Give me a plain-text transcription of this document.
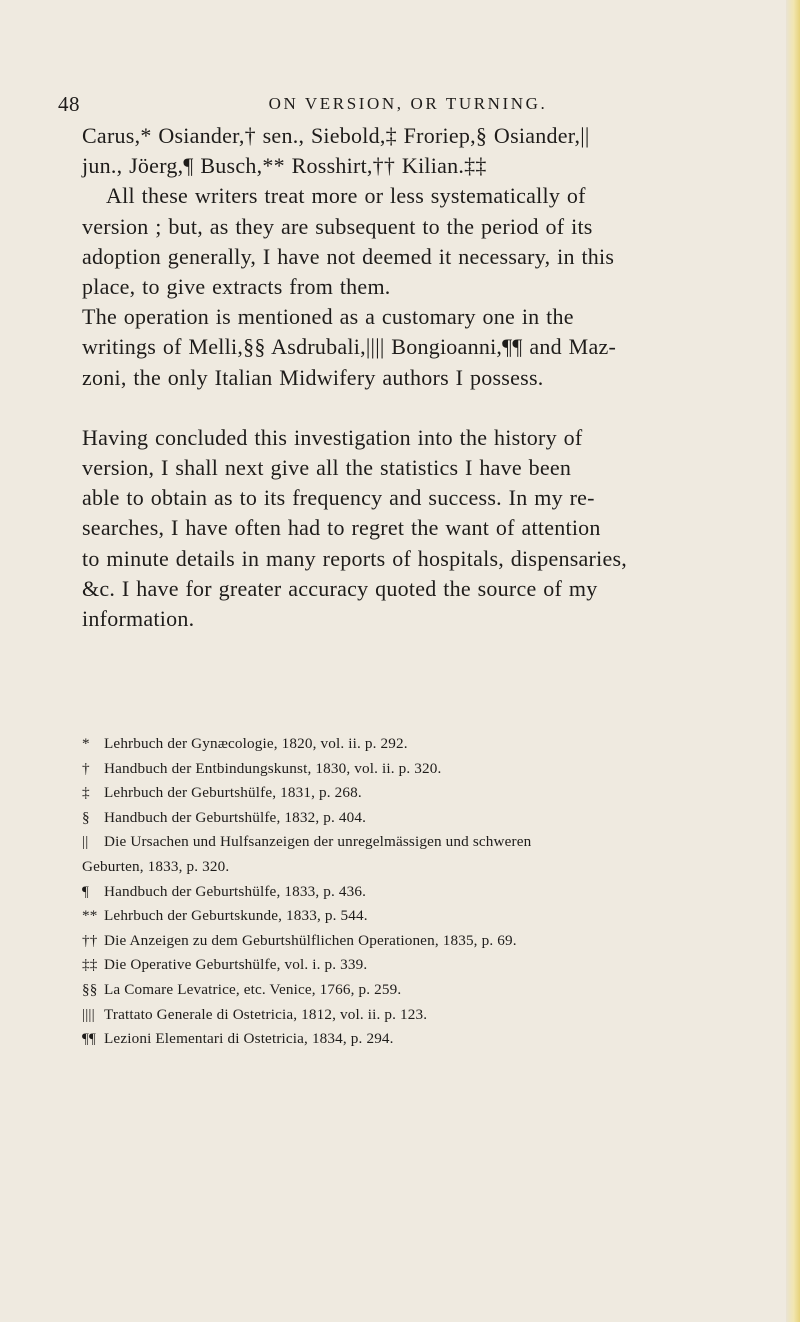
48	ON VERSION, OR TURNING.

Carus,* Osiander,† sen., Siebold,‡ Froriep,§ Osiander,||
jun., Jöerg,¶ Busch,** Rosshirt,†† Kilian.‡‡

All these writers treat more or less systematically of
version ; but, as they are subsequent to the period of its
adoption generally, I have not deemed it necessary, in this
place, to give extracts from them.

The operation is mentioned as a customary one in the
writings of Melli,§§ Asdrubali,|||| Bongioanni,¶¶ and Maz-
zoni, the only Italian Midwifery authors I possess.

Having concluded this investigation into the history of
version, I shall next give all the statistics I have been
able to obtain as to its frequency and success. In my re-
searches, I have often had to regret the want of attention
to minute details in many reports of hospitals, dispensaries,
&c. I have for greater accuracy quoted the source of my
information.

* Lehrbuch der Gynæcologie, 1820, vol. ii. p. 292.
† Handbuch der Entbindungskunst, 1830, vol. ii. p. 320.
‡ Lehrbuch der Geburtshülfe, 1831, p. 268.
§ Handbuch der Geburtshülfe, 1832, p. 404.
|| Die Ursachen und Hulfsanzeigen der unregelmässigen und schweren
Geburten, 1833, p. 320.
¶ Handbuch der Geburtshülfe, 1833, p. 436.
** Lehrbuch der Geburtskunde, 1833, p. 544.
†† Die Anzeigen zu dem Geburtshülflichen Operationen, 1835, p. 69.
‡‡ Die Operative Geburtshülfe, vol. i. p. 339.
§§ La Comare Levatrice, etc. Venice, 1766, p. 259.
|||| Trattato Generale di Ostetricia, 1812, vol. ii. p. 123.
¶¶ Lezioni Elementari di Ostetricia, 1834, p. 294.
